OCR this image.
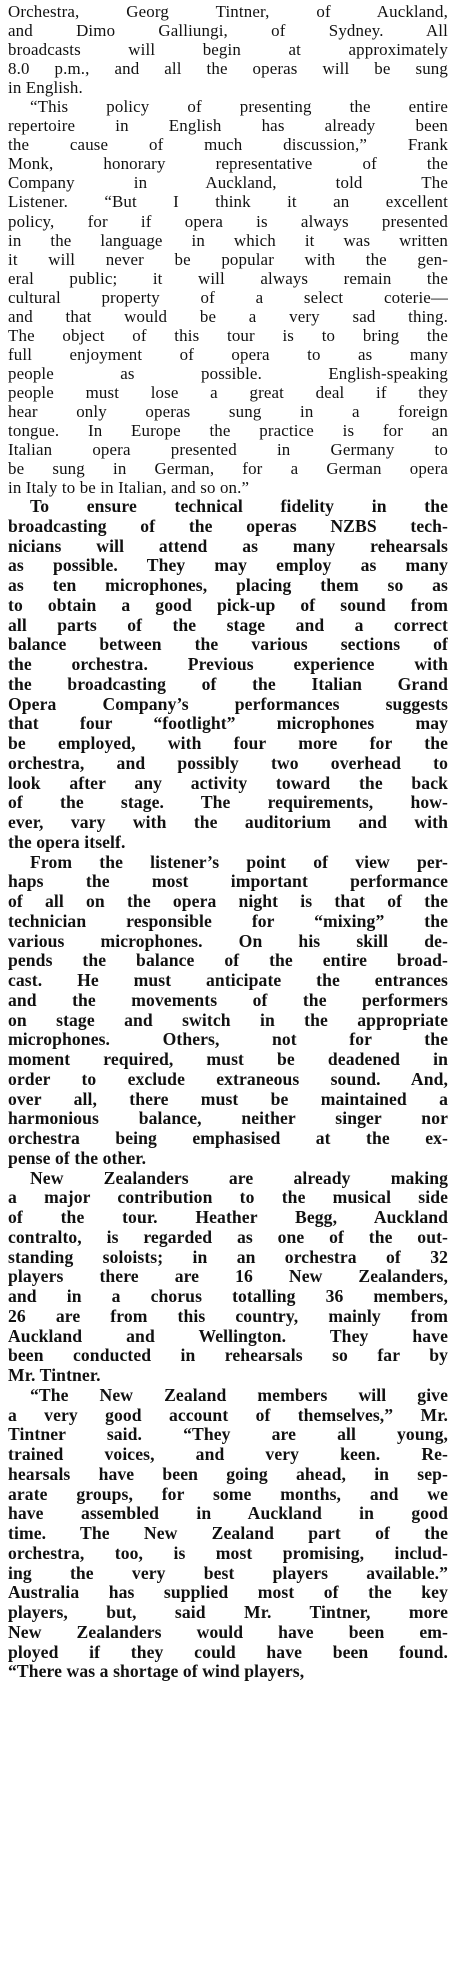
Orchestra, Georg Tintner, of Auckland,
and Dimo Galliungi, of Sydney. All
broadcasts will begin at approximately
8.0 p.m., and all the operas will be sung
in English.
“This policy of presenting the entire
repertoire in English has already been
the cause of much discussion,” Frank
Monk, honorary representative of the
Company in Auckland, told The
Listener. “But I think it an excellent
policy, for if opera is always presented
in the language in which it was written
it will never be popular with the gen-
eral public; it will always remain the
cultural property of a select coterie—
and that would be a very sad thing.
The object of this tour is to bring the
full enjoyment of opera to as many
people as possible. English-speaking
people must lose a great deal if they
hear only operas sung in a foreign
tongue. In Europe the practice is for an
Italian opera presented in Germany to
be sung in German, for a German opera
in Italy to be in Italian, and so on.”
To ensure technical fidelity in the
broadcasting of the operas NZBS tech-
nicians will attend as many rehearsals
as possible. They may employ as many
as ten microphones, placing them so as
to obtain a good pick-up of sound from
all parts of the stage and a correct
balance between the various sections of
the orchestra. Previous experience with
the broadcasting of the Italian Grand
Opera Company’s performances suggests
that four “footlight” microphones may
be employed, with four more for the
orchestra, and possibly two overhead to
look after any activity toward the back
of the stage. The requirements, how-
ever, vary with the auditorium and with
the opera itself.
From the listener’s point of view per-
haps the most important performance
of all on the opera night is that of the
technician responsible for “mixing” the
various microphones. On his skill de-
pends the balance of the entire broad-
cast. He must anticipate the entrances
and the movements of the performers
on stage and switch in the appropriate
microphones. Others, not for the
moment required, must be deadened in
order to exclude extraneous sound. And,
over all, there must be maintained a
harmonious balance, neither singer nor
orchestra being emphasised at the ex-
pense of the other.
New Zealanders are already making
a major contribution to the musical side
of the tour. Heather Begg, Auckland
contralto, is regarded as one of the out-
standing soloists; in an orchestra of 32
players there are 16 New Zealanders,
and in a chorus totalling 36 members,
26 are from this country, mainly from
Auckland and Wellington. They have
been conducted in rehearsals so far by
Mr. Tintner.
“The New Zealand members will give
a very good account of themselves,” Mr.
Tintner said. “They are all young,
trained voices, and very keen. Re-
hearsals have been going ahead, in sep-
arate groups, for some months, and we
have assembled in Auckland in good
time. The New Zealand part of the
orchestra, too, is most promising, includ-
ing the very best players available.”
Australia has supplied most of the key
players, but, said Mr. Tintner, more
New Zealanders would have been em-
ployed if they could have been found.
“There was a shortage of wind players,
